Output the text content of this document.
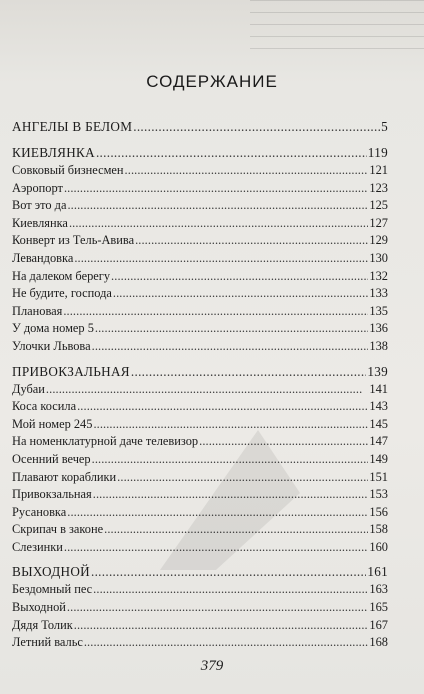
СОДЕРЖАНИЕ
АНГЕЛЫ В БЕЛОМ . . .	5
КИЕВЛЯНКА . . .	119
Совковый бизнесмен . . .	121
Аэропорт . . .	123
Вот это да . . .	125
Киевлянка . . .	127
Конверт из Тель-Авива . . .	129
Левандовка . . .	130
На далеком берегу . . .	132
Не будите, господа . . .	133
Плановая . . .	135
У дома номер 5 . . .	136
Улочки Львова . . .	138
ПРИВОКЗАЛЬНАЯ . . .	139
Дубаи . . .	141
Коса косила . . .	143
Мой номер 245 . . .	145
На номенклатурной даче телевизор . . .	147
Осенний вечер . . .	149
Плавают кораблики . . .	151
Привокзальная . . .	153
Русановка . . .	156
Скрипач в законе . . .	158
Слезинки . . .	160
ВЫХОДНОЙ . . .	161
Бездомный пес . . .	163
Выходной . . .	165
Дядя Толик . . .	167
Летний вальс . . .	168
379
